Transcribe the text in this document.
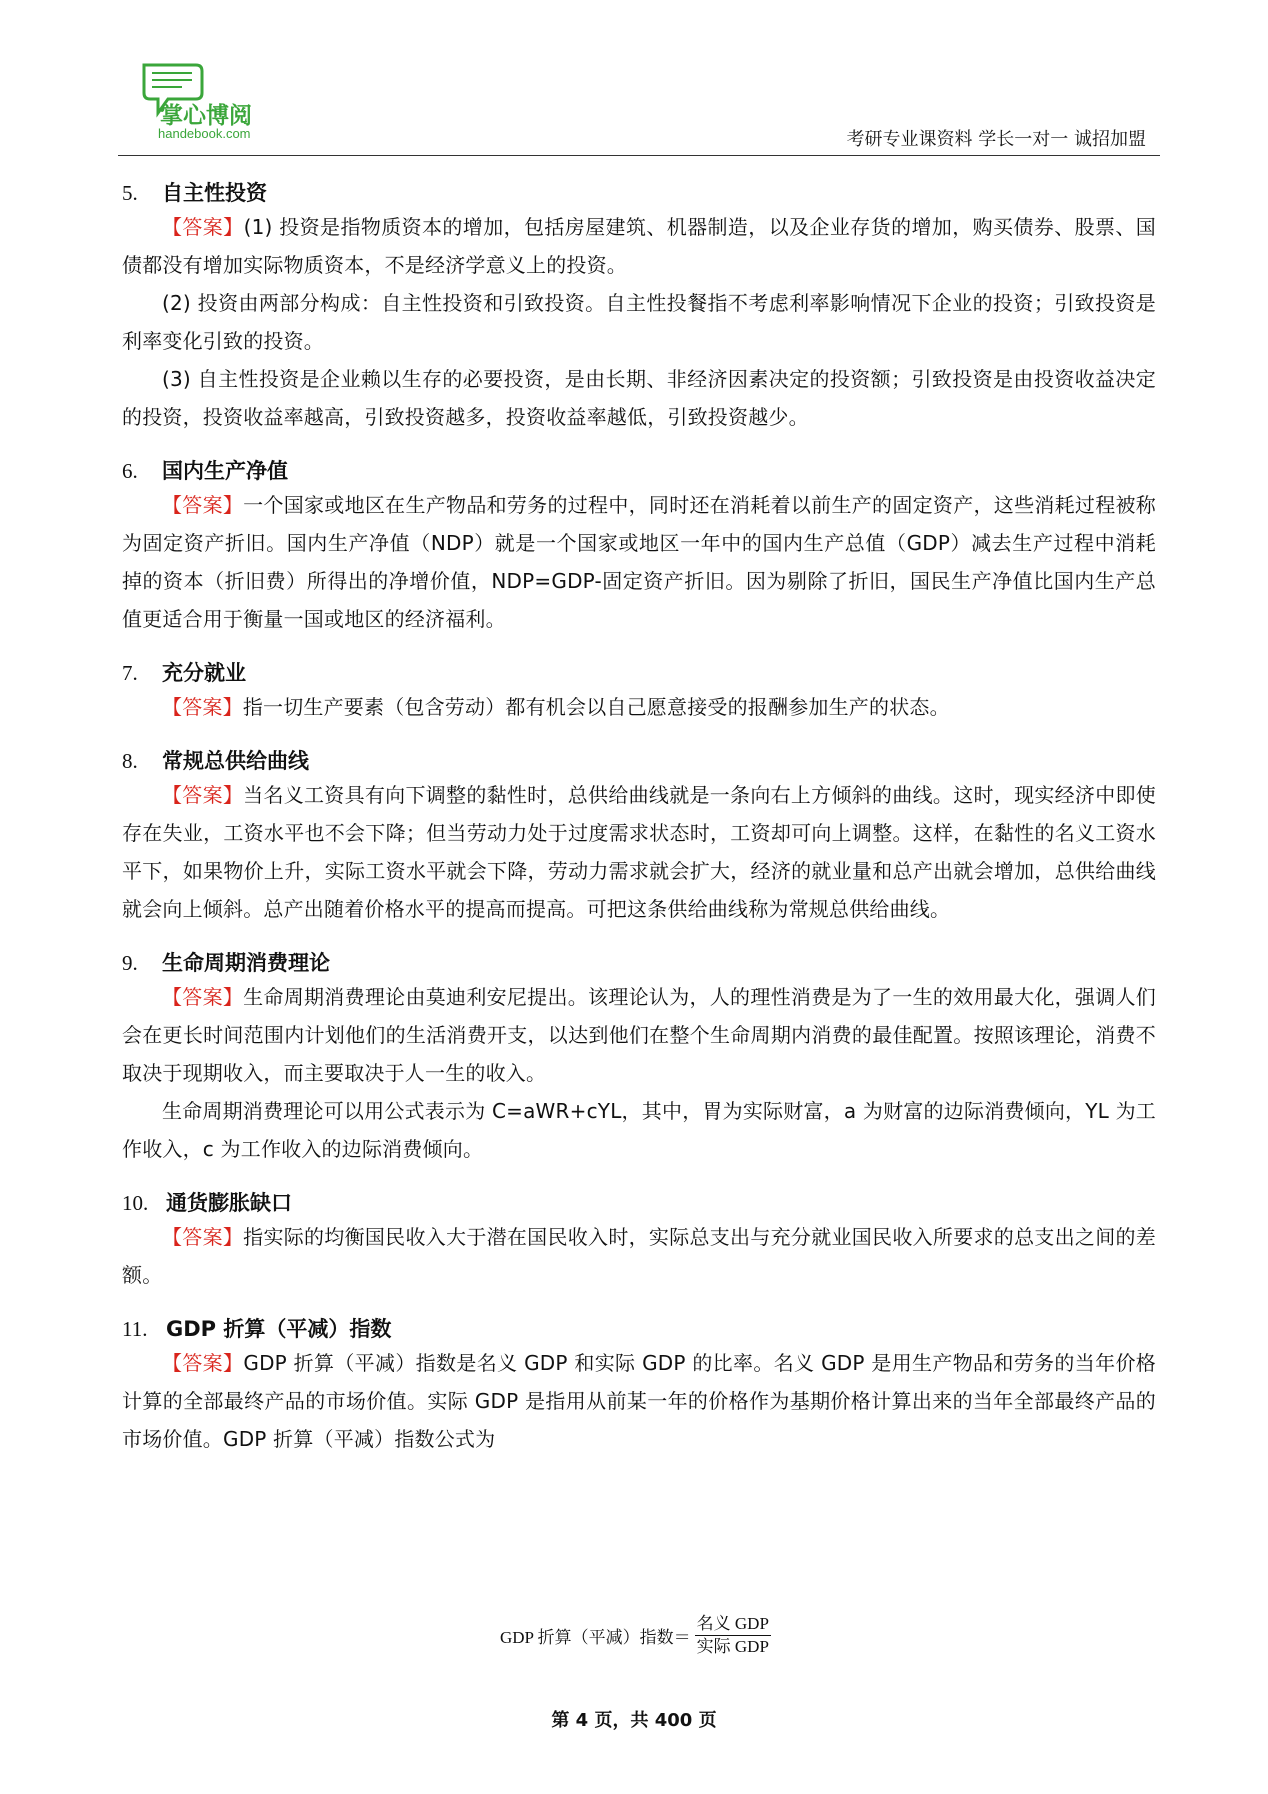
掌心博阅
handebook.com	考研专业课资料 学长一对一 诚招加盟
5. 自主性投资

【答案】(1) 投资是指物质资本的增加，包括房屋建筑、机器制造，以及企业存货的增加，购买债券、股票、国债都没有增加实际物质资本，不是经济学意义上的投资。

(2) 投资由两部分构成：自主性投资和引致投资。自主性投餐指不考虑利率影响情况下企业的投资；引致投资是利率变化引致的投资。

(3) 自主性投资是企业赖以生存的必要投资，是由长期、非经济因素决定的投资额；引致投资是由投资收益决定的投资，投资收益率越高，引致投资越多，投资收益率越低，引致投资越少。

6. 国内生产净值

【答案】一个国家或地区在生产物品和劳务的过程中，同时还在消耗着以前生产的固定资产，这些消耗过程被称为固定资产折旧。国内生产净值（NDP）就是一个国家或地区一年中的国内生产总值（GDP）减去生产过程中消耗掉的资本（折旧费）所得出的净增价值，NDP=GDP-固定资产折旧。因为剔除了折旧，国民生产净值比国内生产总值更适合用于衡量一国或地区的经济福利。

7. 充分就业

【答案】指一切生产要素（包含劳动）都有机会以自己愿意接受的报酬参加生产的状态。

8. 常规总供给曲线

【答案】当名义工资具有向下调整的黏性时，总供给曲线就是一条向右上方倾斜的曲线。这时，现实经济中即使存在失业，工资水平也不会下降；但当劳动力处于过度需求状态时，工资却可向上调整。这样，在黏性的名义工资水平下，如果物价上升，实际工资水平就会下降，劳动力需求就会扩大，经济的就业量和总产出就会增加，总供给曲线就会向上倾斜。总产出随着价格水平的提高而提高。可把这条供给曲线称为常规总供给曲线。

9. 生命周期消费理论

【答案】生命周期消费理论由莫迪利安尼提出。该理论认为，人的理性消费是为了一生的效用最大化，强调人们会在更长时间范围内计划他们的生活消费开支，以达到他们在整个生命周期内消费的最佳配置。按照该理论，消费不取决于现期收入，而主要取决于人一生的收入。

生命周期消费理论可以用公式表示为 C=aWR+cYL，其中，胃为实际财富，a 为财富的边际消费倾向，YL 为工作收入，c 为工作收入的边际消费倾向。

10. 通货膨胀缺口

【答案】指实际的均衡国民收入大于潜在国民收入时，实际总支出与充分就业国民收入所要求的总支出之间的差额。

11. GDP 折算（平减）指数

【答案】GDP 折算（平减）指数是名义 GDP 和实际 GDP 的比率。名义 GDP 是用生产物品和劳务的当年价格计算的全部最终产品的市场价值。实际 GDP 是指用从前某一年的价格作为基期价格计算出来的当年全部最终产品的市场价值。GDP 折算（平减）指数公式为

GDP 折算（平减）指数＝ $\frac{\text{名义 GDP}}{\text{实际 GDP}}$
第 4 页，共 400 页
